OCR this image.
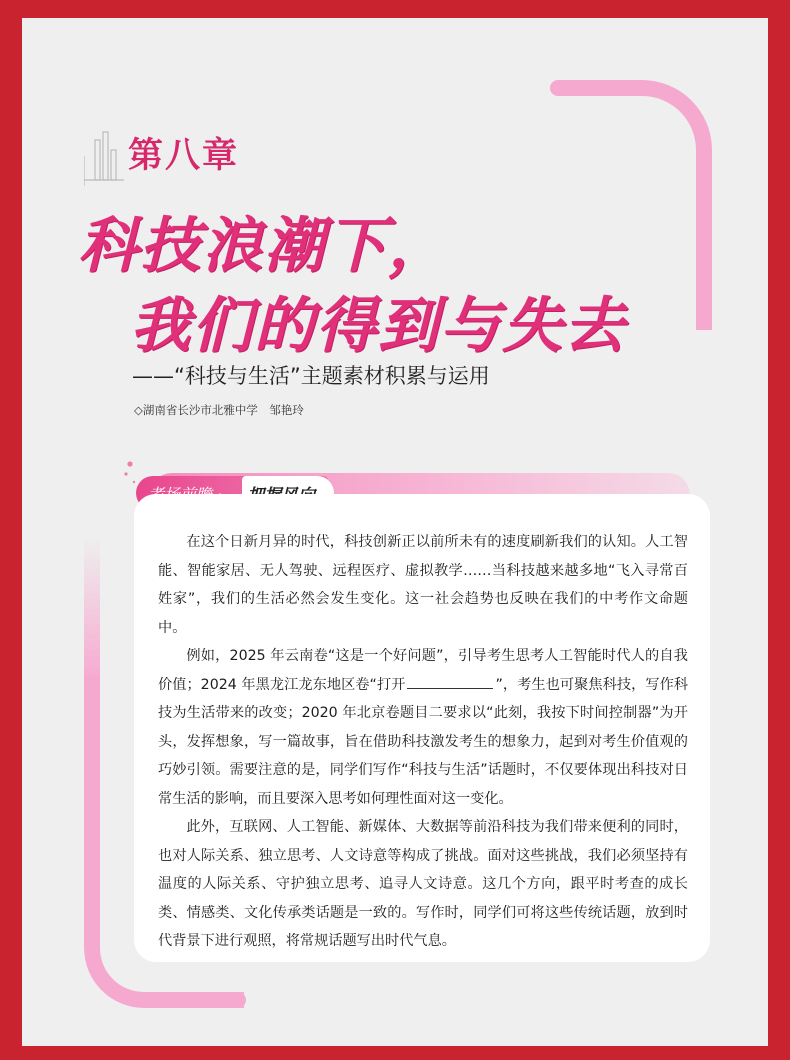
第八章
科技浪潮下，
我们的得到与失去
——“科技与生活”主题素材积累与运用
◇湖南省长沙市北雅中学　邹艳玲

在这个日新月异的时代，科技创新正以前所未有的速度刷新我们的认知。人工智能、智能家居、无人驾驶、远程医疗、虚拟教学……当科技越来越多地“飞入寻常百姓家”，我们的生活必然会发生变化。这一社会趋势也反映在我们的中考作文命题中。

例如，2025 年云南卷“这是一个好问题”，引导考生思考人工智能时代人的自我价值；2024 年黑龙江龙东地区卷“打开	”，考生也可聚焦科技，写作科技为生活带来的改变；2020 年北京卷题目二要求以“此刻，我按下时间控制器”为开头，发挥想象，写一篇故事，旨在借助科技激发考生的想象力，起到对考生价值观的巧妙引领。需要注意的是，同学们写作“科技与生活”话题时，不仅要体现出科技对日常生活的影响，而且要深入思考如何理性面对这一变化。

此外，互联网、人工智能、新媒体、大数据等前沿科技为我们带来便利的同时，也对人际关系、独立思考、人文诗意等构成了挑战。面对这些挑战，我们必须坚持有温度的人际关系、守护独立思考、追寻人文诗意。这几个方向，跟平时考查的成长类、情感类、文化传承类话题是一致的。写作时，同学们可将这些传统话题，放到时代背景下进行观照，将常规话题写出时代气息。
